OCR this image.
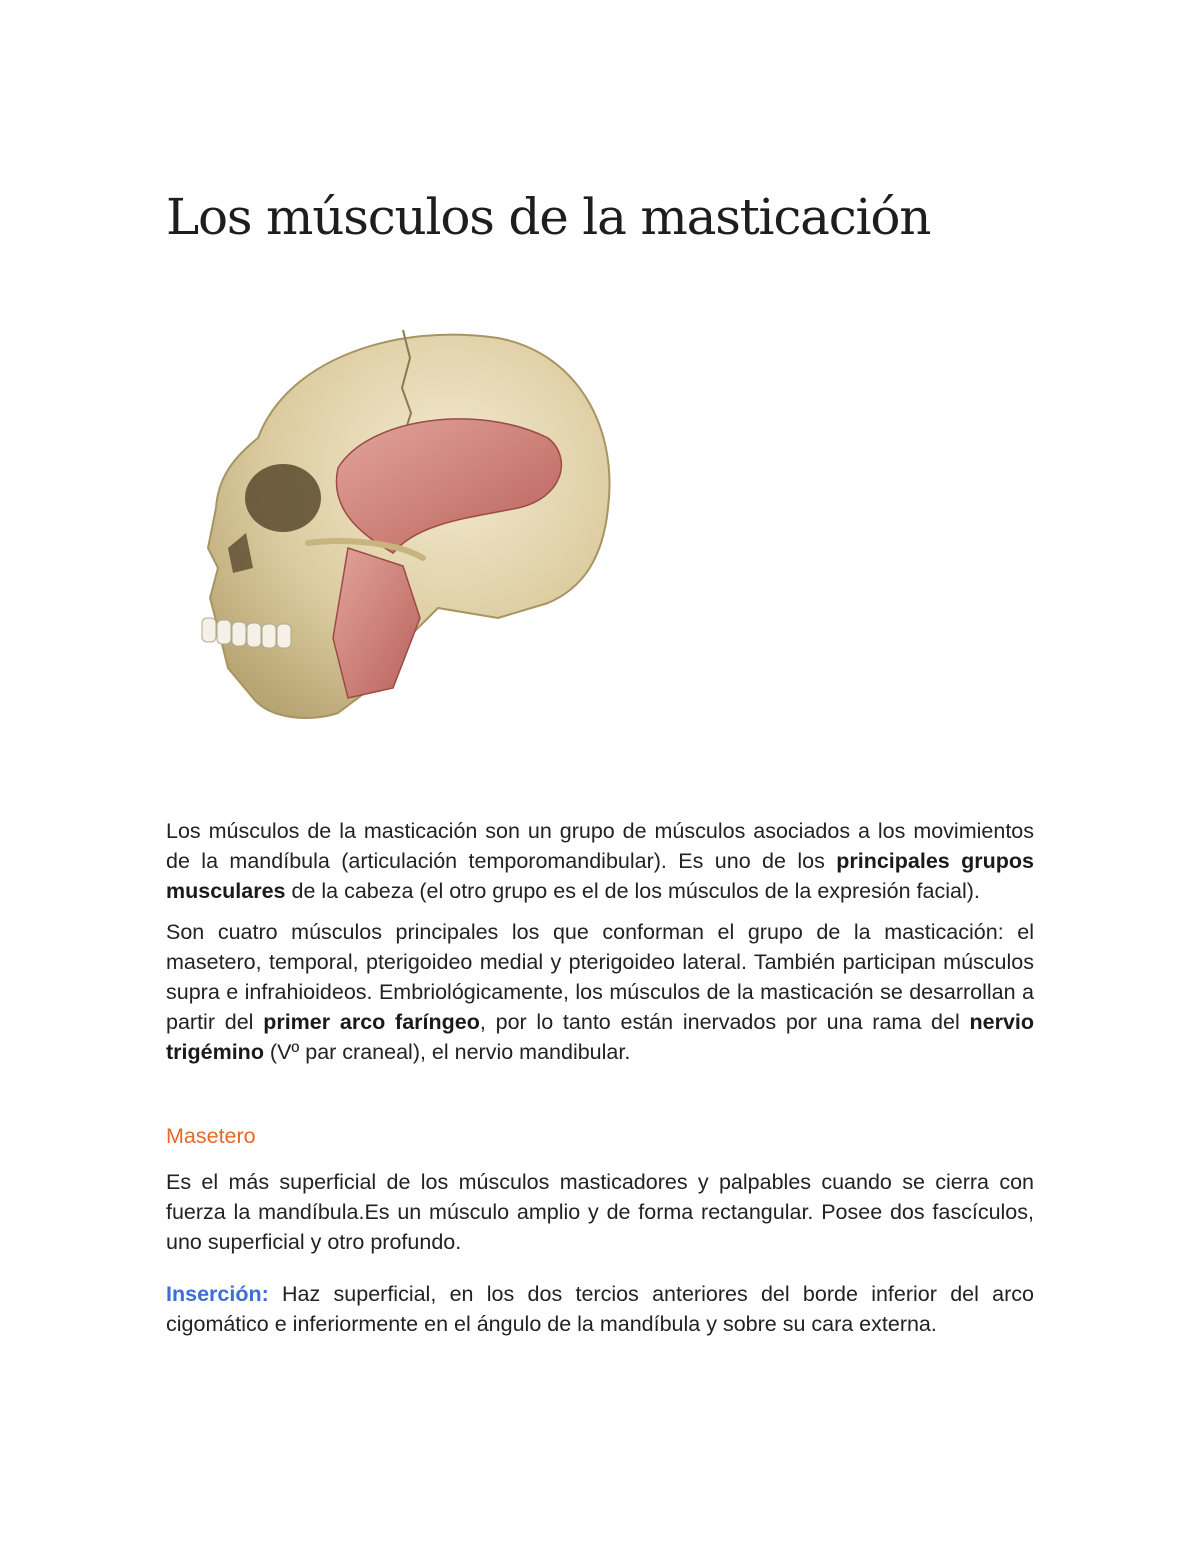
Los músculos de la masticación

Los músculos de la masticación son un grupo de músculos asociados a los movimientos de la mandíbula (articulación temporomandibular). Es uno de los principales grupos musculares de la cabeza (el otro grupo es el de los músculos de la expresión facial).

Son cuatro músculos principales los que conforman el grupo de la masticación: el masetero, temporal, pterigoideo medial y pterigoideo lateral. También participan músculos supra e infrahioideos. Embriológicamente, los músculos de la masticación se desarrollan a partir del primer arco faríngeo, por lo tanto están inervados por una rama del nervio trigémino (Vº par craneal), el nervio mandibular.

Masetero

Es el más superficial de los músculos masticadores y palpables cuando se cierra con fuerza la mandíbula.Es un músculo amplio y de forma rectangular. Posee dos fascículos, uno superficial y otro profundo.

Inserción: Haz superficial, en los dos tercios anteriores del borde inferior del arco cigomático e inferiormente en el ángulo de la mandíbula y sobre su cara externa.
